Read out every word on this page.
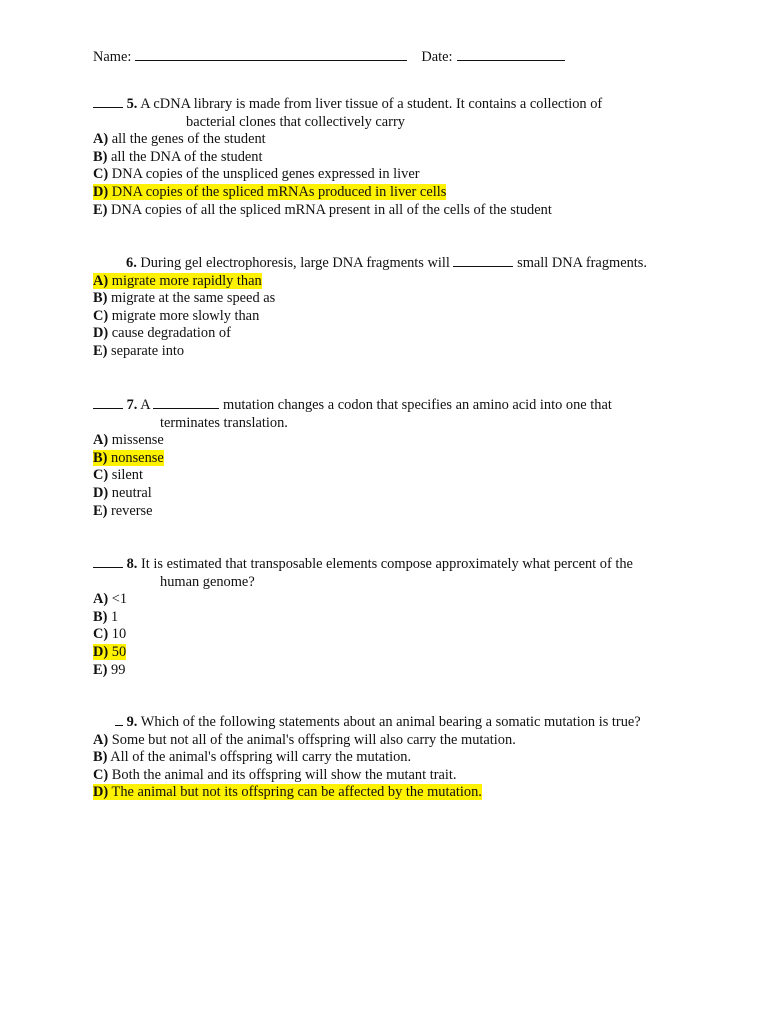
Name:	Date:
5. A cDNA library is made from liver tissue of a student. It contains a collection of
bacterial clones that collectively carry
A) all the genes of the student
B) all the DNA of the student
C) DNA copies of the unspliced genes expressed in liver
D) DNA copies of the spliced mRNAs produced in liver cells
E) DNA copies of all the spliced mRNA present in all of the cells of the student
6. During gel electrophoresis, large DNA fragments will	small DNA fragments.
A) migrate more rapidly than
B) migrate at the same speed as
C) migrate more slowly than
D) cause degradation of
E) separate into
7. A	mutation changes a codon that specifies an amino acid into one that
terminates translation.
A) missense
B) nonsense
C) silent
D) neutral
E) reverse
8. It is estimated that transposable elements compose approximately what percent of the
human genome?
A) <1
B) 1
C) 10
D) 50
E) 99
9. Which of the following statements about an animal bearing a somatic mutation is true?
A) Some but not all of the animal's offspring will also carry the mutation.
B) All of the animal's offspring will carry the mutation.
C) Both the animal and its offspring will show the mutant trait.
D) The animal but not its offspring can be affected by the mutation.
